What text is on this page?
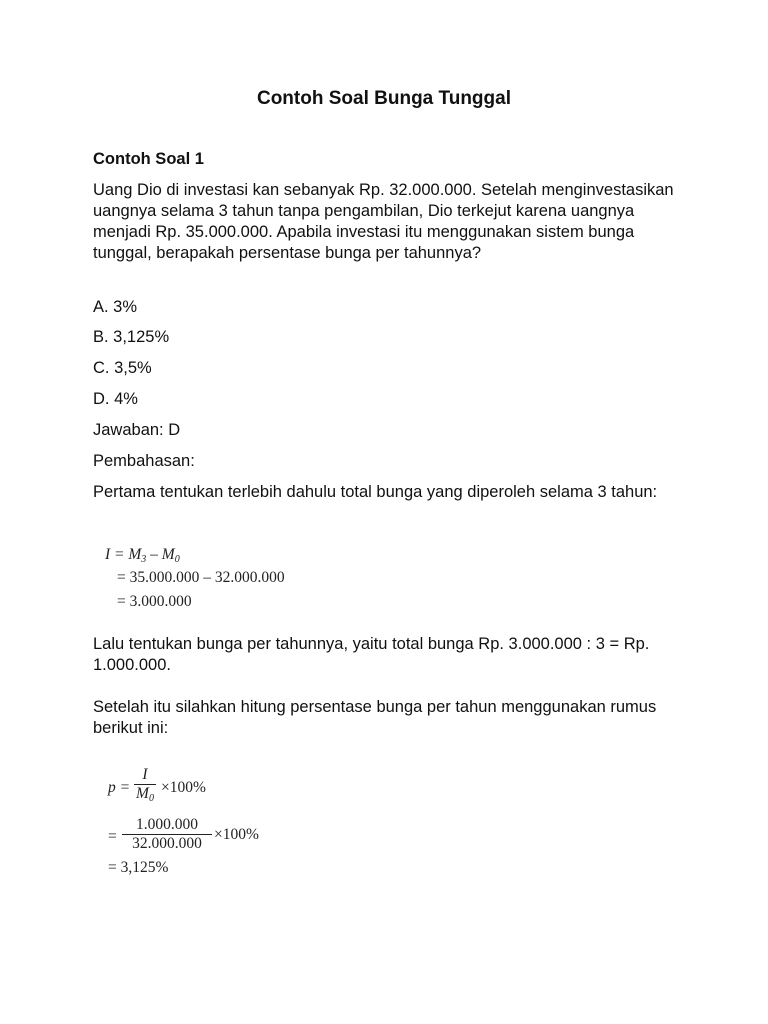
Contoh Soal Bunga Tunggal
Contoh Soal 1
Uang Dio di investasi kan sebanyak Rp. 32.000.000. Setelah menginvestasikan uangnya selama 3 tahun tanpa pengambilan, Dio terkejut karena uangnya menjadi Rp. 35.000.000. Apabila investasi itu menggunakan sistem bunga tunggal, berapakah persentase bunga per tahunnya?
A. 3%
B. 3,125%
C. 3,5%
D. 4%
Jawaban: D
Pembahasan:
Pertama tentukan terlebih dahulu total bunga yang diperoleh selama 3 tahun:
$I = M_3 - M_0$
= 35.000.000 – 32.000.000
= 3.000.000
Lalu tentukan bunga per tahunnya, yaitu total bunga Rp. 3.000.000 : 3 = Rp. 1.000.000.
Setelah itu silahkan hitung persentase bunga per tahun menggunakan rumus berikut ini:
p =
I
$M_0$
×100%
=
1.000.000
32.000.000
×100%
= 3,125%
